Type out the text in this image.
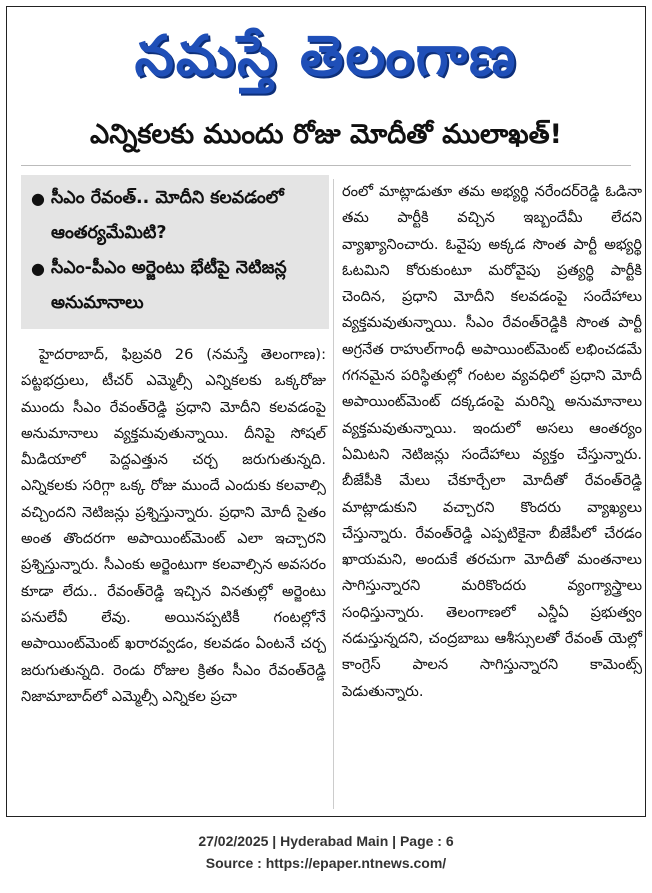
నమస్తే తెలంగాణ
ఎన్నికలకు ముందు రోజు మోదీతో ములాఖత్!
● సీఎం రేవంత్.. మోదీని కలవడంలో ఆంతర్యమేమిటి?
● సీఎం-పీఎం అర్జెంటు భేటీపై నెటిజన్ల అనుమానాలు

హైదరాబాద్, ఫిబ్రవరి 26 (నమస్తే తెలంగాణ): పట్టభద్రులు, టీచర్ ఎమ్మెల్సీ ఎన్నికలకు ఒక్కరోజు ముందు సీఎం రేవంత్‌రెడ్డి ప్రధాని మోదీని కలవడంపై అనుమానాలు వ్యక్తమవుతున్నాయి. దీనిపై సోషల్ మీడియాలో పెద్దఎత్తున చర్చ జరుగుతున్నది. ఎన్నికలకు సరిగ్గా ఒక్క రోజు ముందే ఎందుకు కలవాల్సి వచ్చిందని నెటిజన్లు ప్రశ్నిస్తున్నారు. ప్రధాని మోదీ సైతం అంత తొందరగా అపాయింట్‌మెంట్ ఎలా ఇచ్చారని ప్రశ్నిస్తున్నారు. సీఎంకు అర్జెంటుగా కలవాల్సిన అవసరం కూడా లేదు.. రేవంత్‌రెడ్డి ఇచ్చిన వినతుల్లో అర్జెంటు పనులేవీ లేవు. అయినప్పటికీ గంటల్లోనే అపాయింట్‌మెంట్ ఖరారవ్వడం, కలవడం ఏంటనే చర్చ జరుగుతున్నది. రెండు రోజుల క్రితం సీఎం రేవంత్‌రెడ్డి నిజామాబాద్‌లో ఎమ్మెల్సీ ఎన్నికల ప్రచా

రంలో మాట్లాడుతూ తమ అభ్యర్థి నరేందర్‌రెడ్డి ఓడినా తమ పార్టీకి వచ్చిన ఇబ్బందేమీ లేదని వ్యాఖ్యానించారు. ఓవైపు అక్కడ సొంత పార్టీ అభ్యర్థి ఓటమిని కోరుకుంటూ మరోవైపు ప్రత్యర్థి పార్టీకి చెందిన, ప్రధాని మోదీని కలవడంపై సందేహాలు వ్యక్తమవుతున్నాయి. సీఎం రేవంత్‌రెడ్డికి సొంత పార్టీ అగ్రనేత రాహుల్‌గాంధీ అపాయింట్‌మెంట్ లభించడమే గగనమైన పరిస్థితుల్లో గంటల వ్యవధిలో ప్రధాని మోదీ అపాయింట్‌మెంట్ దక్కడంపై మరిన్ని అనుమానాలు వ్యక్తమవుతున్నాయి. ఇందులో అసలు ఆంతర్యం ఏమిటని నెటిజన్లు సందేహాలు వ్యక్తం చేస్తున్నారు. బీజేపీకి మేలు చేకూర్చేలా మోదీతో రేవంత్‌రెడ్డి మాట్లాడుకుని వచ్చారని కొందరు వ్యాఖ్యలు చేస్తున్నారు. రేవంత్‌రెడ్డి ఎప్పటికైనా బీజేపీలో చేరడం ఖాయమని, అందుకే తరచుగా మోదీతో మంతనాలు సాగిస్తున్నారని మరికొందరు వ్యంగ్యాస్త్రాలు సంధిస్తున్నారు. తెలంగాణలో ఎన్డీఏ ప్రభుత్వం నడుస్తున్నదని, చంద్రబాబు ఆశీస్సులతో రేవంత్ యెల్లో కాంగ్రెస్ పాలన సాగిస్తున్నారని కామెంట్స్ పెడుతున్నారు.

27/02/2025 | Hyderabad Main | Page : 6
Source : https://epaper.ntnews.com/
